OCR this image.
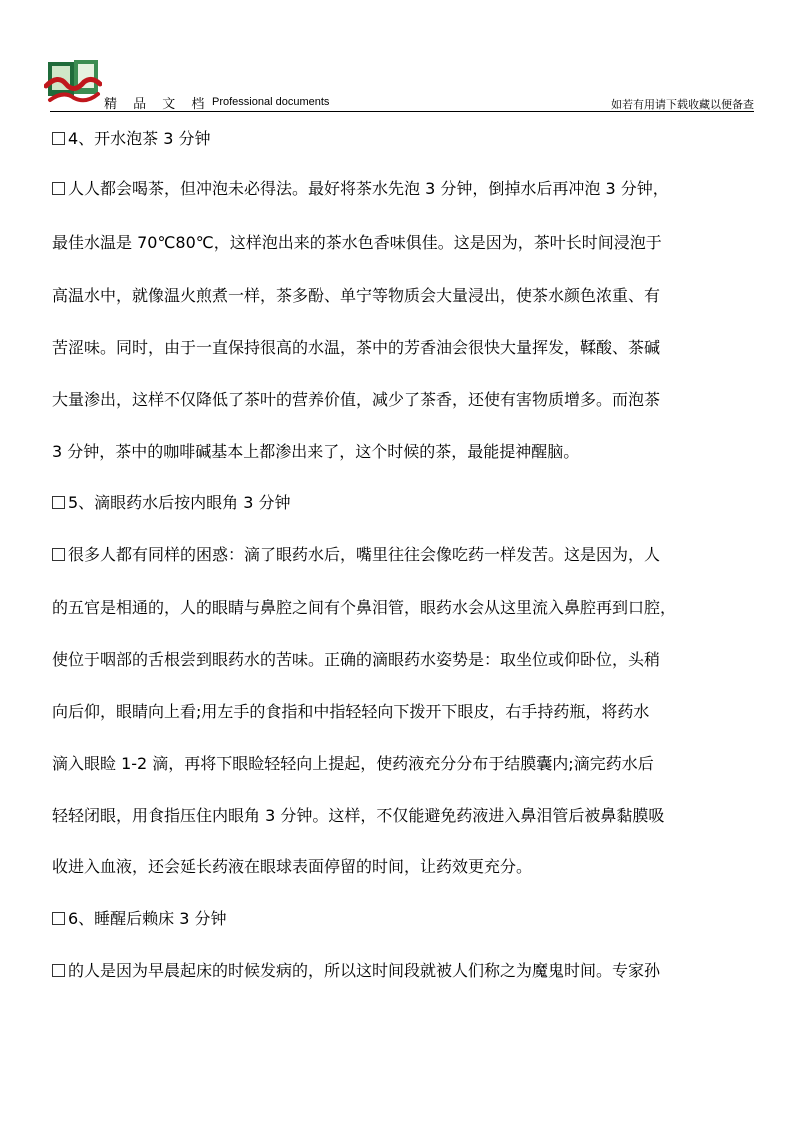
精 品 文 档 Professional documents	如若有用请下载收藏以便备查
4、开水泡茶 3 分钟
人人都会喝茶，但冲泡未必得法。最好将茶水先泡 3 分钟，倒掉水后再冲泡 3 分钟，
最佳水温是 70℃80℃，这样泡出来的茶水色香味俱佳。这是因为，茶叶长时间浸泡于
高温水中，就像温火煎煮一样，茶多酚、单宁等物质会大量浸出，使茶水颜色浓重、有
苦涩味。同时，由于一直保持很高的水温，茶中的芳香油会很快大量挥发，鞣酸、茶碱
大量渗出，这样不仅降低了茶叶的营养价值，减少了茶香，还使有害物质增多。而泡茶
3 分钟，茶中的咖啡碱基本上都渗出来了，这个时候的茶，最能提神醒脑。
5、滴眼药水后按内眼角 3 分钟
很多人都有同样的困惑：滴了眼药水后，嘴里往往会像吃药一样发苦。这是因为，人
的五官是相通的，人的眼睛与鼻腔之间有个鼻泪管，眼药水会从这里流入鼻腔再到口腔，
使位于咽部的舌根尝到眼药水的苦味。正确的滴眼药水姿势是：取坐位或仰卧位，头稍
向后仰，眼睛向上看;用左手的食指和中指轻轻向下拨开下眼皮，右手持药瓶，将药水
滴入眼睑 1-2 滴，再将下眼睑轻轻向上提起，使药液充分分布于结膜囊内;滴完药水后
轻轻闭眼，用食指压住内眼角 3 分钟。这样，不仅能避免药液进入鼻泪管后被鼻黏膜吸
收进入血液，还会延长药液在眼球表面停留的时间，让药效更充分。
6、睡醒后赖床 3 分钟
的人是因为早晨起床的时候发病的，所以这时间段就被人们称之为魔鬼时间。专家孙
